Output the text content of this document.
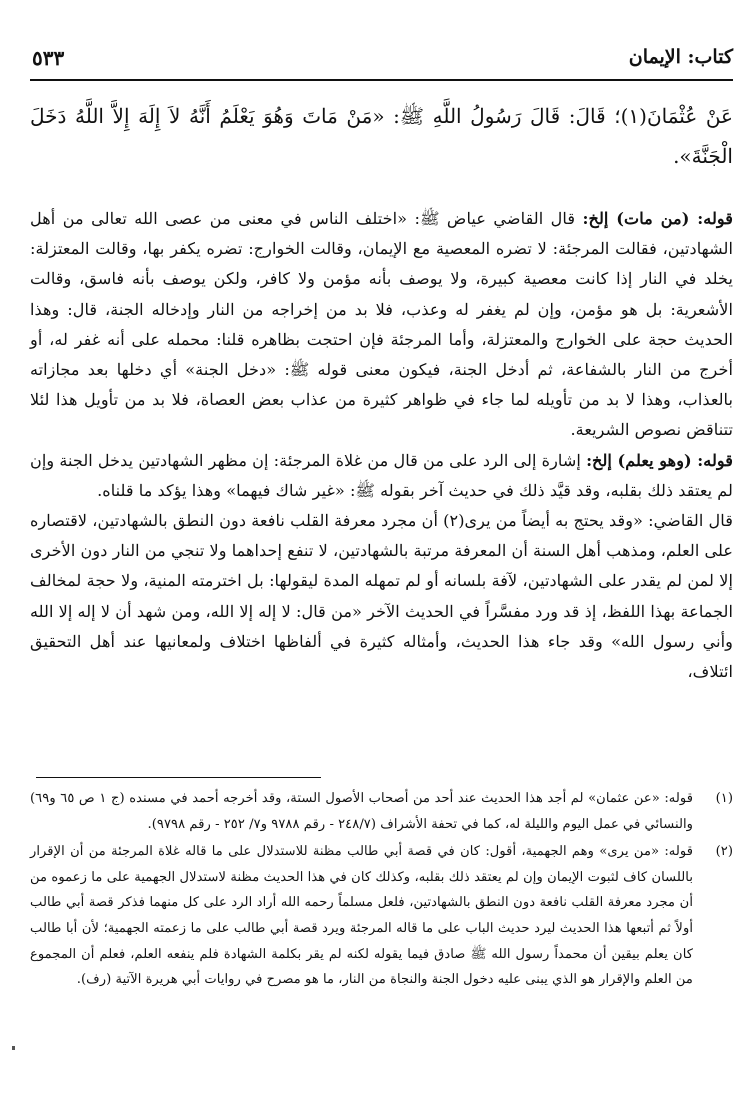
كتاب: الإيمان
٥٣٣
عَنْ عُثْمَانَ(١)؛ قَالَ: قَالَ رَسُولُ اللَّهِ ﷺ: «مَنْ مَاتَ وَهُوَ يَعْلَمُ أَنَّهُ لاَ إِلَهَ إِلاَّ اللَّهُ دَخَلَ الْجَنَّةَ».

قوله: (من مات) إلخ: قال القاضي عياض ﷺ: «اختلف الناس في معنى من عصى الله تعالى من أهل الشهادتين، فقالت المرجئة: لا تضره المعصية مع الإيمان، وقالت الخوارج: تضره يكفر بها، وقالت المعتزلة: يخلد في النار إذا كانت معصية كبيرة، ولا يوصف بأنه مؤمن ولا كافر، ولكن يوصف بأنه فاسق، وقالت الأشعرية: بل هو مؤمن، وإن لم يغفر له وعذب، فلا بد من إخراجه من النار وإدخاله الجنة، قال: وهذا الحديث حجة على الخوارج والمعتزلة، وأما المرجئة فإن احتجت بظاهره قلنا: محمله على أنه غفر له، أو أخرج من النار بالشفاعة، ثم أدخل الجنة، فيكون معنى قوله ﷺ: «دخل الجنة» أي دخلها بعد مجازاته بالعذاب، وهذا لا بد من تأويله لما جاء في ظواهر كثيرة من عذاب بعض العصاة، فلا بد من تأويل هذا لئلا تتناقض نصوص الشريعة.

قوله: (وهو يعلم) إلخ: إشارة إلى الرد على من قال من غلاة المرجئة: إن مظهر الشهادتين يدخل الجنة وإن لم يعتقد ذلك بقلبه، وقد قيَّد ذلك في حديث آخر بقوله ﷺ: «غير شاك فيهما» وهذا يؤكد ما قلناه.

قال القاضي: «وقد يحتج به أيضاً من يرى(٢) أن مجرد معرفة القلب نافعة دون النطق بالشهادتين، لاقتصاره على العلم، ومذهب أهل السنة أن المعرفة مرتبة بالشهادتين، لا تنفع إحداهما ولا تنجي من النار دون الأخرى إلا لمن لم يقدر على الشهادتين، لآفة بلسانه أو لم تمهله المدة ليقولها: بل اخترمته المنية، ولا حجة لمخالف الجماعة بهذا اللفظ، إذ قد ورد مفسَّراً في الحديث الآخر «من قال: لا إله إلا الله، ومن شهد أن لا إله إلا الله وأني رسول الله» وقد جاء هذا الحديث، وأمثاله كثيرة في ألفاظها اختلاف ولمعانيها عند أهل التحقيق ائتلاف،

(١)
قوله: «عن عثمان» لم أجد هذا الحديث عند أحد من أصحاب الأصول الستة، وقد أخرجه أحمد في مسنده (ج ١ ص ٦٥ و٦٩) والنسائي في عمل اليوم والليلة له، كما في تحفة الأشراف (٢٤٨/٧ - رقم ٩٧٨٨ و٧/ ٢٥٢ - رقم ٩٧٩٨).
(٢)
قوله: «من يرى» وهم الجهمية، أقول: كان في قصة أبي طالب مظنة للاستدلال على ما قاله غلاة المرجئة من أن الإقرار باللسان كاف لثبوت الإيمان وإن لم يعتقد ذلك بقلبه، وكذلك كان في هذا الحديث مظنة لاستدلال الجهمية على ما زعموه من أن مجرد معرفة القلب نافعة دون النطق بالشهادتين، فلعل مسلماً رحمه الله أراد الرد على كل منهما فذكر قصة أبي طالب أولاً ثم أتبعها هذا الحديث ليرد حديث الباب على ما قاله المرجئة ويرد قصة أبي طالب على ما زعمته الجهمية؛ لأن أبا طالب كان يعلم بيقين أن محمداً رسول الله ﷺ صادق فيما يقوله لكنه لم يقر بكلمة الشهادة فلم ينفعه العلم، فعلم أن المجموع من العلم والإقرار هو الذي يبنى عليه دخول الجنة والنجاة من النار، ما هو مصرح في روايات أبي هريرة الآتية (رف).
